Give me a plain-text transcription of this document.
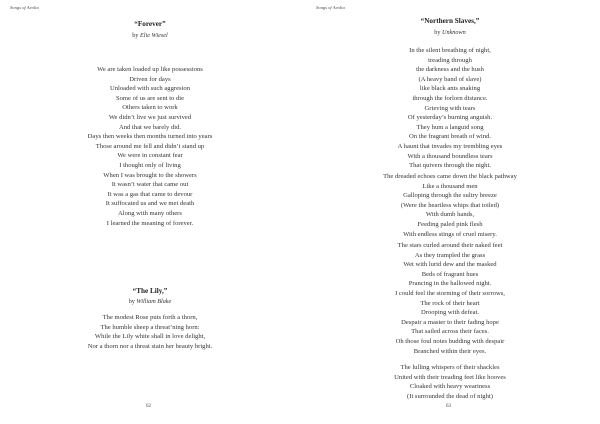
Songs of Aeolia
“Forever”
by Elie Wiesel
We are taken loaded up like possessions
Driven for days
Unloaded with such aggresion
Some of us are sent to die
Others taken to work
We didn’t live we just survived
And that we barely did.
Days then weeks then months turned into years
Those around me fell and didn’t stand up
We were in constant fear
I thought only of living
When I was brought to the showers
It wasn’t water that came out
It was a gas that came to devour
It suffocated us and we met death
Along with many others
I learned the meaning of forever.
“The Lily,”
by William Blake
The modest Rose puts forth a thorn,
The humble sheep a threat’ning horn:
While the Lily white shall in love delight,
Nor a thorn nor a threat stain her beauty bright.
62
Songs of Aeolia
“Northern Slaves,”
by Unknown
In the silent breathing of night,
treading through
the darkness and the hush
(A heavy band of slave)
like black ants snaking
through the forlorn distance.
Grieving with tears
Of yesterday’s burning anguish.
They hum a languid song
On the fragrant breath of wind.
A haunt that invades my trembling eyes
With a thousand boundless tears
That quivers through the night.
The dreaded echoes came down the black pathway
Like a thousand men
Galloping through the sultry breeze
(Were the heartless whips that toiled)
With dumb hands,
Feeding paled pink flesh
With endless stings of cruel misery.
The stars curled around their naked feet
As they trampled the grass
Wet with lurid dew and the masked
Beds of fragrant hues
Prancing in the hallowed night.
I could feel the storming of their sorrows,
The rock of their heart
Drooping with defeat.
Despair a master to their fading hope
That sailed across their faces.
Oh those foul notes budding with despair
Branched within their eyes.
The lulling whispers of their shackles
United with their treading feet like hooves
Cloaked with heavy weariness
(It surrounded the dead of night)
63
